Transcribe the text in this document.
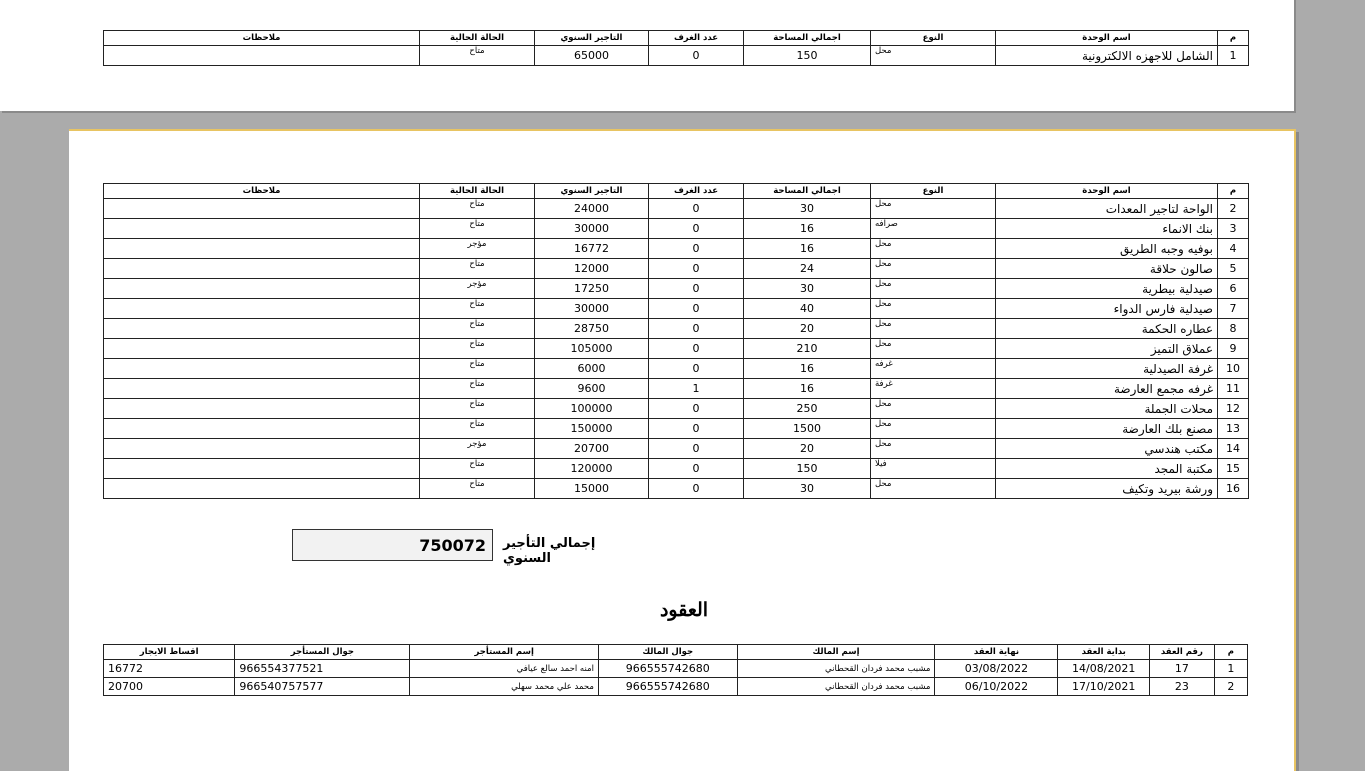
م	اسم الوحدة	النوع	اجمالي المساحة	عدد الغرف	التاجير السنوي	الحالة الحالية	ملاحظات
1	الشامل للاجهزه الالكترونية	محل	150	0	65000	متاح	
م	اسم الوحدة	النوع	اجمالي المساحة	عدد الغرف	التاجير السنوي	الحالة الحالية	ملاحظات
2	الواحة لتاجير المعدات	محل	30	0	24000	متاح	
3	بنك الانماء	صرافه	16	0	30000	متاح	
4	بوفيه وجبه الطريق	محل	16	0	16772	مؤجر	
5	صالون حلاقة	محل	24	0	12000	متاح	
6	صيدلية بيطرية	محل	30	0	17250	مؤجر	
7	صيدلية فارس الدواء	محل	40	0	30000	متاح	
8	عطاره الحكمة	محل	20	0	28750	متاح	
9	عملاق التميز	محل	210	0	105000	متاح	
10	غرفة الصيدلية	غرفه	16	0	6000	متاح	
11	غرفه مجمع العارضة	غرفة	16	1	9600	متاح	
12	محلات الجملة	محل	250	0	100000	متاح	
13	مصنع بلك العارضة	محل	1500	0	150000	متاح	
14	مكتب هندسي	محل	20	0	20700	مؤجر	
15	مكتبة المجد	فيلا	150	0	120000	متاح	
16	ورشة بيريد وتكيف	محل	30	0	15000	متاح	
750072	إجمالي التأجير السنوي
العقود
م	رقم العقد	بداية العقد	نهاية العقد	إسم المالك	جوال المالك	إسم المستأجر	جوال المستأجر	اقساط الايجار
1	17	14/08/2021	03/08/2022	مشبب محمد فردان القحطاني	966555742680	امنه احمد سالع عيافي	966554377521	16772
2	23	17/10/2021	06/10/2022	مشبب محمد فردان القحطاني	966555742680	محمد علي محمد سهلي	966540757577	20700
